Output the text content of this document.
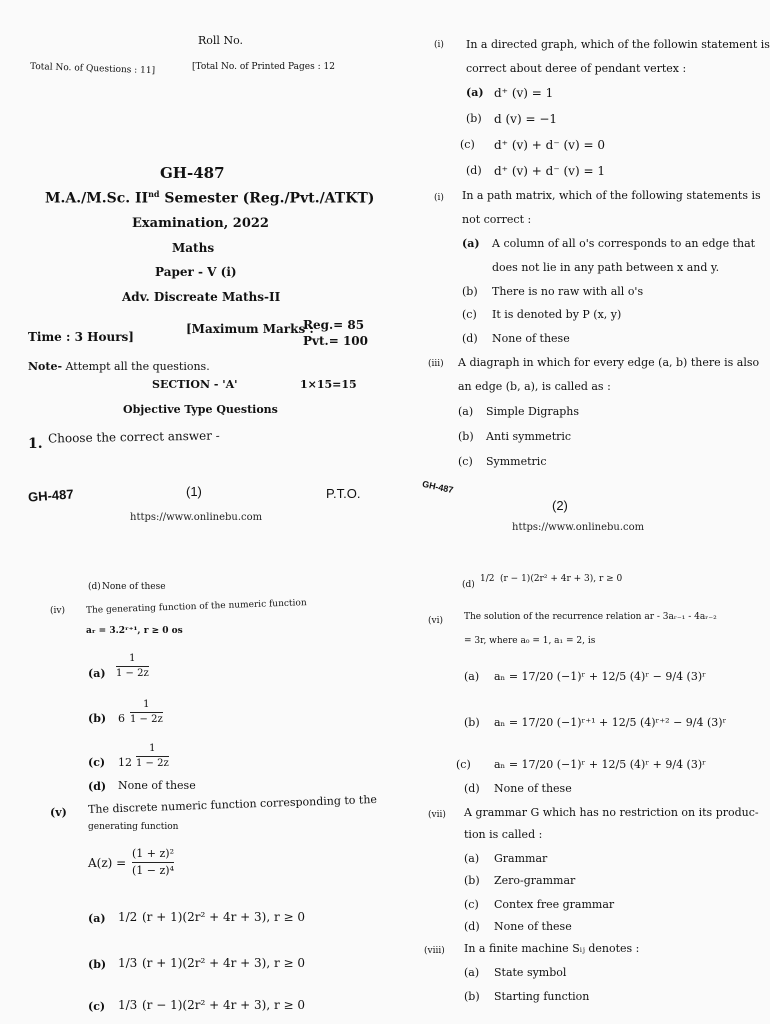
Roll No.
Total No. of Questions : 11]	[Total No. of Printed Pages : 12
GH-487
M.A./M.Sc. IInd Semester (Reg./Pvt./ATKT)
Examination, 2022
Maths
Paper - V (i)
Adv. Discreate Maths-II
Time : 3 Hours]
[Maximum Marks :
Reg.= 85
Pvt.= 100
Note- Attempt all the questions.
SECTION - 'A'	1×15=15
Objective Type Questions
1. Choose the correct answer -
GH-487	(1)	P.T.O.
https://www.onlinebu.com
(i) In a directed graph, which of the followin statement is
correct about deree of pendant vertex :
(a) d⁺ (v) = 1
(b) d (v) = −1
(c) d⁺ (v) + d⁻ (v) = 0
(d) d⁺ (v) + d⁻ (v) = 1
(i) In a path matrix, which of the following statements is
not correct :
(a) A column of all o's corresponds to an edge that
does not lie in any path between x and y.
(b) There is no raw with all o's
(c) It is denoted by P (x, y)
(d) None of these
(iii) A diagraph in which for every edge (a, b) there is also
an edge (b, a), is called as :
(a) Simple Digraphs
(b) Anti symmetric
(c) Symmetric
GH-487
(2)
https://www.onlinebu.com
(d) None of these
(iv) The generating function of the numeric function
aᵣ = 3.2ʳ⁺¹, r ≥ 0 os
(a)
1
1 − 2z
(b) 6
1
1 − 2z
(c) 12
1
1 − 2z
(d) None of these
(v) The discrete numeric function corresponding to the
generating function
A(z) =
(1 + z)²
(1 − z)⁴
(a) 1/2 (r + 1)(2r² + 4r + 3), r ≥ 0
(b) 1/3 (r + 1)(2r² + 4r + 3), r ≥ 0
(c) 1/3 (r − 1)(2r² + 4r + 3), r ≥ 0
(d)
1/2 (r − 1)(2r² + 4r + 3), r ≥ 0
(vi) The solution of the recurrence relation ar - 3aᵣ₋₁ - 4aᵣ₋₂
= 3r, where a₀ = 1, a₁ = 2, is
(a) aₙ = 17/20 (−1)ʳ + 12/5 (4)ʳ − 9/4 (3)ʳ
(b) aₙ = 17/20 (−1)ʳ⁺¹ + 12/5 (4)ʳ⁺² − 9/4 (3)ʳ
(c) aₙ = 17/20 (−1)ʳ + 12/5 (4)ʳ + 9/4 (3)ʳ
(d) None of these
(vii) A grammar G which has no restriction on its produc-
tion is called :
(a) Grammar
(b) Zero-grammar
(c) Contex free grammar
(d) None of these
(viii) In a finite machine Sᵢⱼ denotes :
(a) State symbol
(b) Starting function
